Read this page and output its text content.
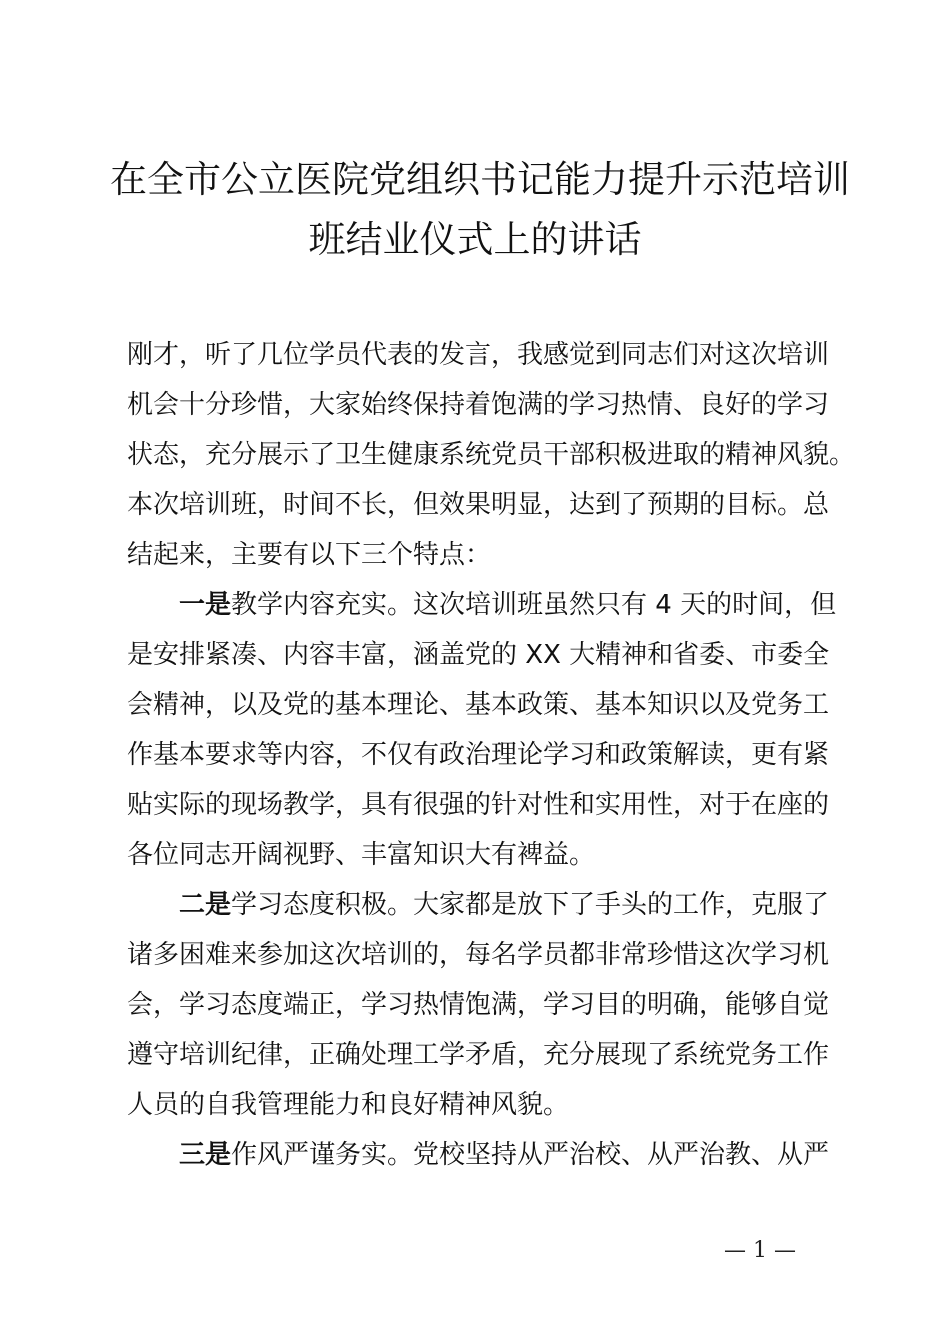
在全市公立医院党组织书记能力提升示范培训
班结业仪式上的讲话
刚才，听了几位学员代表的发言，我感觉到同志们对这次培训
机会十分珍惜，大家始终保持着饱满的学习热情、良好的学习
状态，充分展示了卫生健康系统党员干部积极进取的精神风貌。
本次培训班，时间不长，但效果明显，达到了预期的目标。总
结起来，主要有以下三个特点：
一是教学内容充实。这次培训班虽然只有 4 天的时间，但
是安排紧凑、内容丰富，涵盖党的 XX 大精神和省委、市委全
会精神，以及党的基本理论、基本政策、基本知识以及党务工
作基本要求等内容，不仅有政治理论学习和政策解读，更有紧
贴实际的现场教学，具有很强的针对性和实用性，对于在座的
各位同志开阔视野、丰富知识大有裨益。
二是学习态度积极。大家都是放下了手头的工作，克服了
诸多困难来参加这次培训的，每名学员都非常珍惜这次学习机
会，学习态度端正，学习热情饱满，学习目的明确，能够自觉
遵守培训纪律，正确处理工学矛盾，充分展现了系统党务工作
人员的自我管理能力和良好精神风貌。
三是作风严谨务实。党校坚持从严治校、从严治教、从严
— 1 —
